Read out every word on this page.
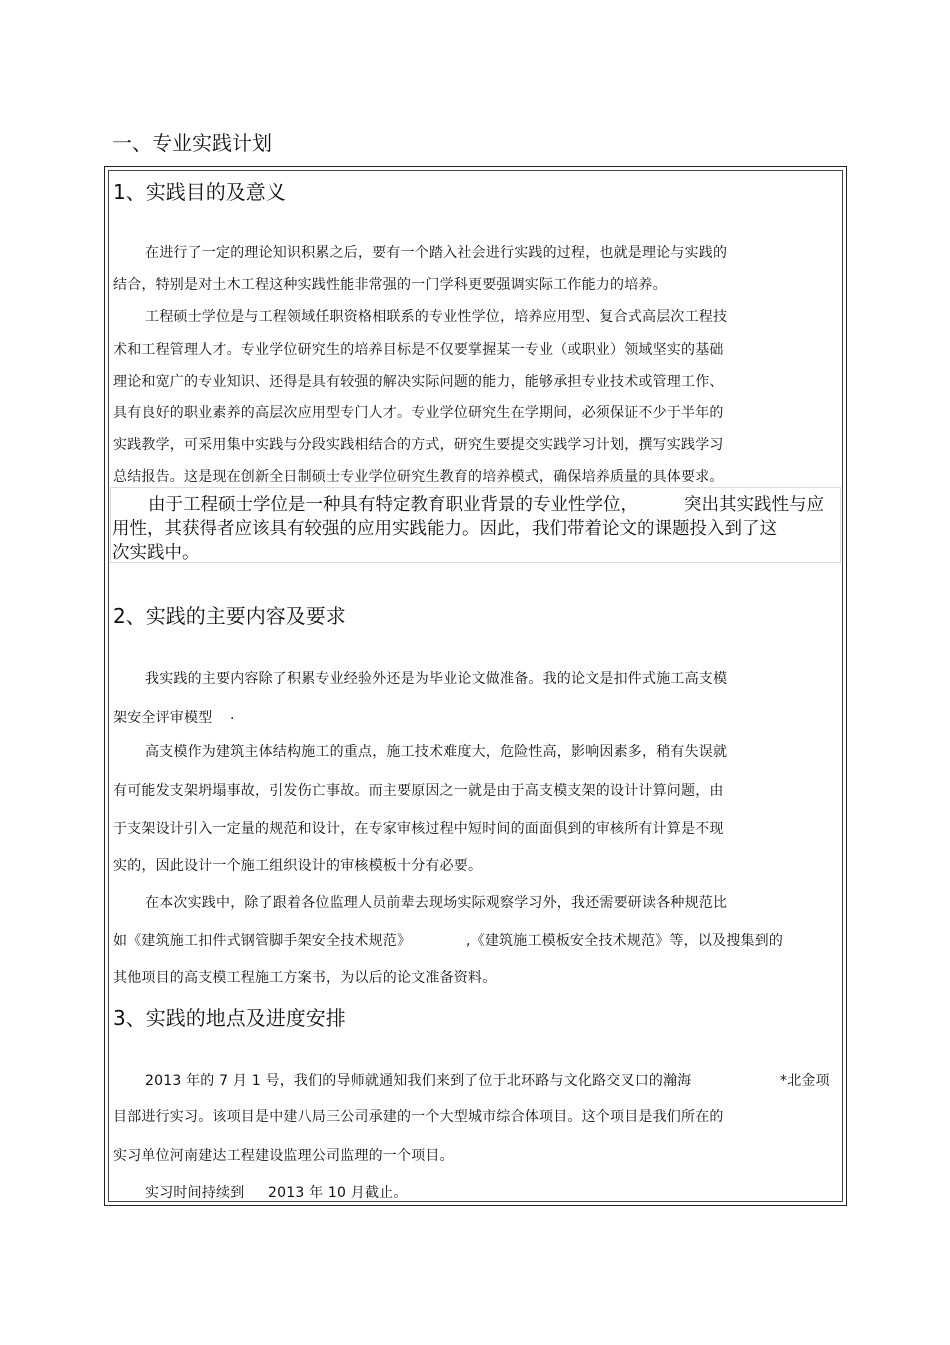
一、专业实践计划
1、实践目的及意义
在进行了一定的理论知识积累之后，要有一个踏入社会进行实践的过程，也就是理论与实践的
结合，特别是对土木工程这种实践性能非常强的一门学科更要强调实际工作能力的培养。
工程硕士学位是与工程领域任职资格相联系的专业性学位，培养应用型、复合式高层次工程技
术和工程管理人才。专业学位研究生的培养目标是不仅要掌握某一专业（或职业）领域坚实的基础
理论和宽广的专业知识、还得是具有较强的解决实际问题的能力，能够承担专业技术或管理工作、
具有良好的职业素养的高层次应用型专门人才。专业学位研究生在学期间，必须保证不少于半年的
实践教学，可采用集中实践与分段实践相结合的方式，研究生要提交实践学习计划，撰写实践学习
总结报告。这是现在创新全日制硕士专业学位研究生教育的培养模式，确保培养质量的具体要求。
由于工程硕士学位是一种具有特定教育职业背景的专业性学位，	突出其实践性与应
用性，其获得者应该具有较强的应用实践能力。因此，我们带着论文的课题投入到了这
次实践中。
2、实践的主要内容及要求
我实践的主要内容除了积累专业经验外还是为毕业论文做准备。我的论文是扣件式施工高支模
架安全评审模型 .
高支模作为建筑主体结构施工的重点，施工技术难度大，危险性高，影响因素多，稍有失误就
有可能发支架坍塌事故，引发伤亡事故。而主要原因之一就是由于高支模支架的设计计算问题，由
于支架设计引入一定量的规范和设计，在专家审核过程中短时间的面面俱到的审核所有计算是不现
实的，因此设计一个施工组织设计的审核模板十分有必要。
在本次实践中，除了跟着各位监理人员前辈去现场实际观察学习外，我还需要研读各种规范比
如《建筑施工扣件式钢管脚手架安全技术规范》	,《建筑施工模板安全技术规范》等，以及搜集到的
其他项目的高支模工程施工方案书，为以后的论文准备资料。
3、实践的地点及进度安排
2013 年的 7 月 1 号，我们的导师就通知我们来到了位于北环路与文化路交叉口的瀚海	*北金项
目部进行实习。该项目是中建八局三公司承建的一个大型城市综合体项目。这个项目是我们所在的
实习单位河南建达工程建设监理公司监理的一个项目。
实习时间持续到 2013 年 10 月截止。
